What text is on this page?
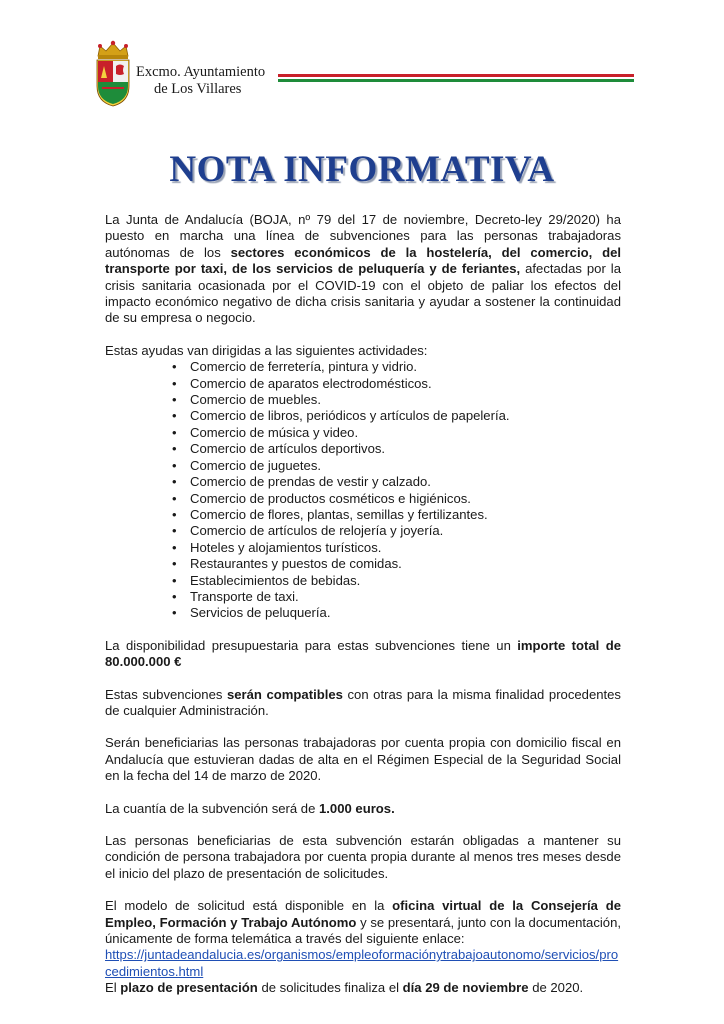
Excmo. Ayuntamiento
de Los Villares
NOTA INFORMATIVA

La Junta de Andalucía (BOJA, nº 79 del 17 de noviembre, Decreto-ley 29/2020) ha puesto en marcha una línea de subvenciones para las personas trabajadoras autónomas de los sectores económicos de la hostelería, del comercio, del transporte por taxi, de los servicios de peluquería y de feriantes, afectadas por la crisis sanitaria ocasionada por el COVID-19 con el objeto de paliar los efectos del impacto económico negativo de dicha crisis sanitaria y ayudar a sostener la continuidad de su empresa o negocio.

Estas ayudas van dirigidas a las siguientes actividades:

• Comercio de ferretería, pintura y vidrio.
• Comercio de aparatos electrodomésticos.
• Comercio de muebles.
• Comercio de libros, periódicos y artículos de papelería.
• Comercio de música y video.
• Comercio de artículos deportivos.
• Comercio de juguetes.
• Comercio de prendas de vestir y calzado.
• Comercio de productos cosméticos e higiénicos.
• Comercio de flores, plantas, semillas y fertilizantes.
• Comercio de artículos de relojería y joyería.
• Hoteles y alojamientos turísticos.
• Restaurantes y puestos de comidas.
• Establecimientos de bebidas.
• Transporte de taxi.
• Servicios de peluquería.

La disponibilidad presupuestaria para estas subvenciones tiene un importe total de 80.000.000 €

Estas subvenciones serán compatibles con otras para la misma finalidad procedentes de cualquier Administración.

Serán beneficiarias las personas trabajadoras por cuenta propia con domicilio fiscal en Andalucía que estuvieran dadas de alta en el Régimen Especial de la Seguridad Social en la fecha del 14 de marzo de 2020.

La cuantía de la subvención será de 1.000 euros.

Las personas beneficiarias de esta subvención estarán obligadas a mantener su condición de persona trabajadora por cuenta propia durante al menos tres meses desde el inicio del plazo de presentación de solicitudes.

El modelo de solicitud está disponible en la oficina virtual de la Consejería de Empleo, Formación y Trabajo Autónomo y se presentará, junto con la documentación, únicamente de forma telemática a través del siguiente enlace:

https://juntadeandalucia.es/organismos/empleoformaciónytrabajoautonomo/servicios/procedimientos.html

El plazo de presentación de solicitudes finaliza el día 29 de noviembre de 2020.
